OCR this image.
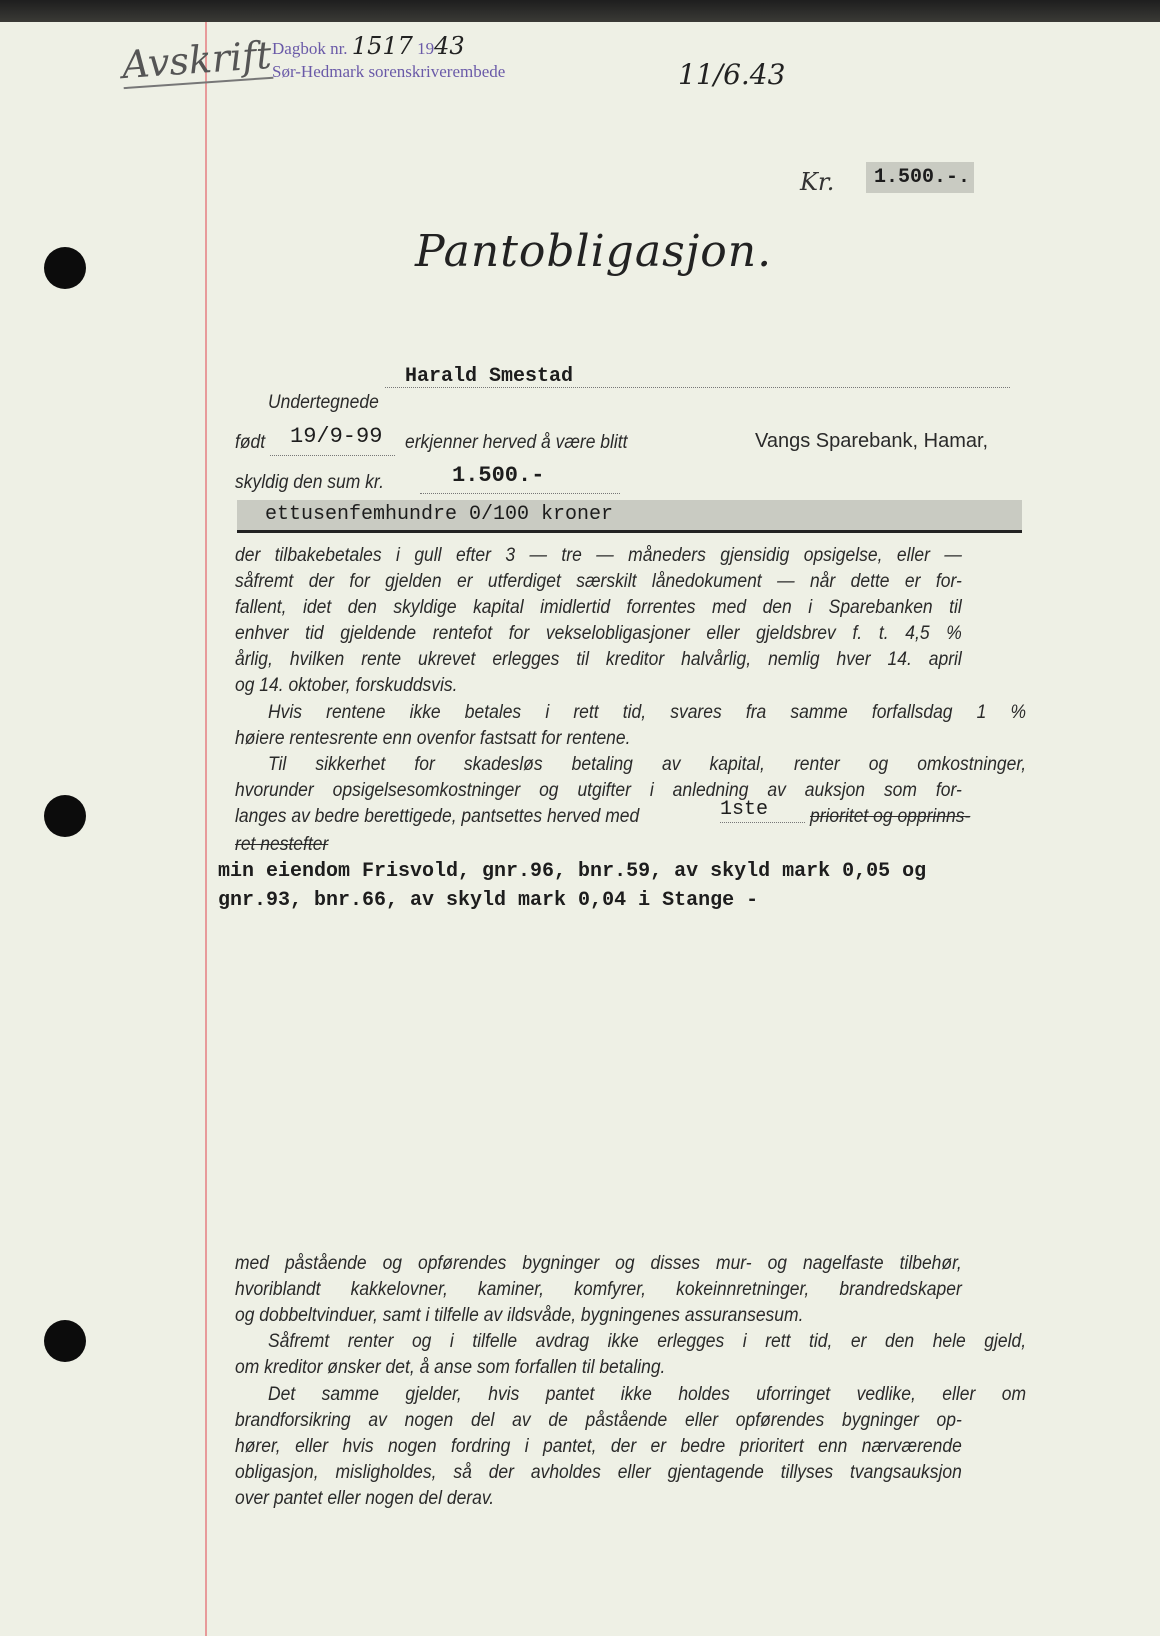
Avskrift Dagbok nr. 1517 1943
Sør-Hedmark sorenskriverembede	11/6.43
Kr.	1.500.-.
Pantobligasjon.
Undertegnede
Harald Smestad
født	19/9-99 erkjenner herved å være blitt	Vangs Sparebank, Hamar,
skyldig den sum kr.	1.500.-
ettusenfemhundre 0/100 kroner
der tilbakebetales i gull efter 3 — tre — måneders gjensidig opsigelse, eller —
såfremt der for gjelden er utferdiget særskilt lånedokument — når dette er for-
fallent, idet den skyldige kapital imidlertid forrentes med den i Sparebanken til
enhver tid gjeldende rentefot for vekselobligasjoner eller gjeldsbrev f. t. 4,5 %
årlig, hvilken rente ukrevet erlegges til kreditor halvårlig, nemlig hver 14. april
og 14. oktober, forskuddsvis.
Hvis rentene ikke betales i rett tid, svares fra samme forfallsdag 1 %
høiere rentesrente enn ovenfor fastsatt for rentene.
Til sikkerhet for skadesløs betaling av kapital, renter og omkostninger,
hvorunder opsigelsesomkostninger og utgifter i anledning av auksjon som for-
langes av bedre berettigede, pantsettes herved med	1ste prioritet og opprinns-
ret nestefter
min eiendom Frisvold, gnr.96, bnr.59, av skyld mark 0,05 og
gnr.93, bnr.66, av skyld mark 0,04 i Stange -
med påstående og opførendes bygninger og disses mur- og nagelfaste tilbehør,
hvoriblandt kakkelovner, kaminer, komfyrer, kokeinnretninger, brandredskaper
og dobbeltvinduer, samt i tilfelle av ildsvåde, bygningenes assuransesum.
Såfremt renter og i tilfelle avdrag ikke erlegges i rett tid, er den hele gjeld,
om kreditor ønsker det, å anse som forfallen til betaling.
Det samme gjelder, hvis pantet ikke holdes uforringet vedlike, eller om
brandforsikring av nogen del av de påstående eller opførendes bygninger op-
hører, eller hvis nogen fordring i pantet, der er bedre prioritert enn nærværende
obligasjon, misligholdes, så der avholdes eller gjentagende tillyses tvangsauksjon
over pantet eller nogen del derav.
